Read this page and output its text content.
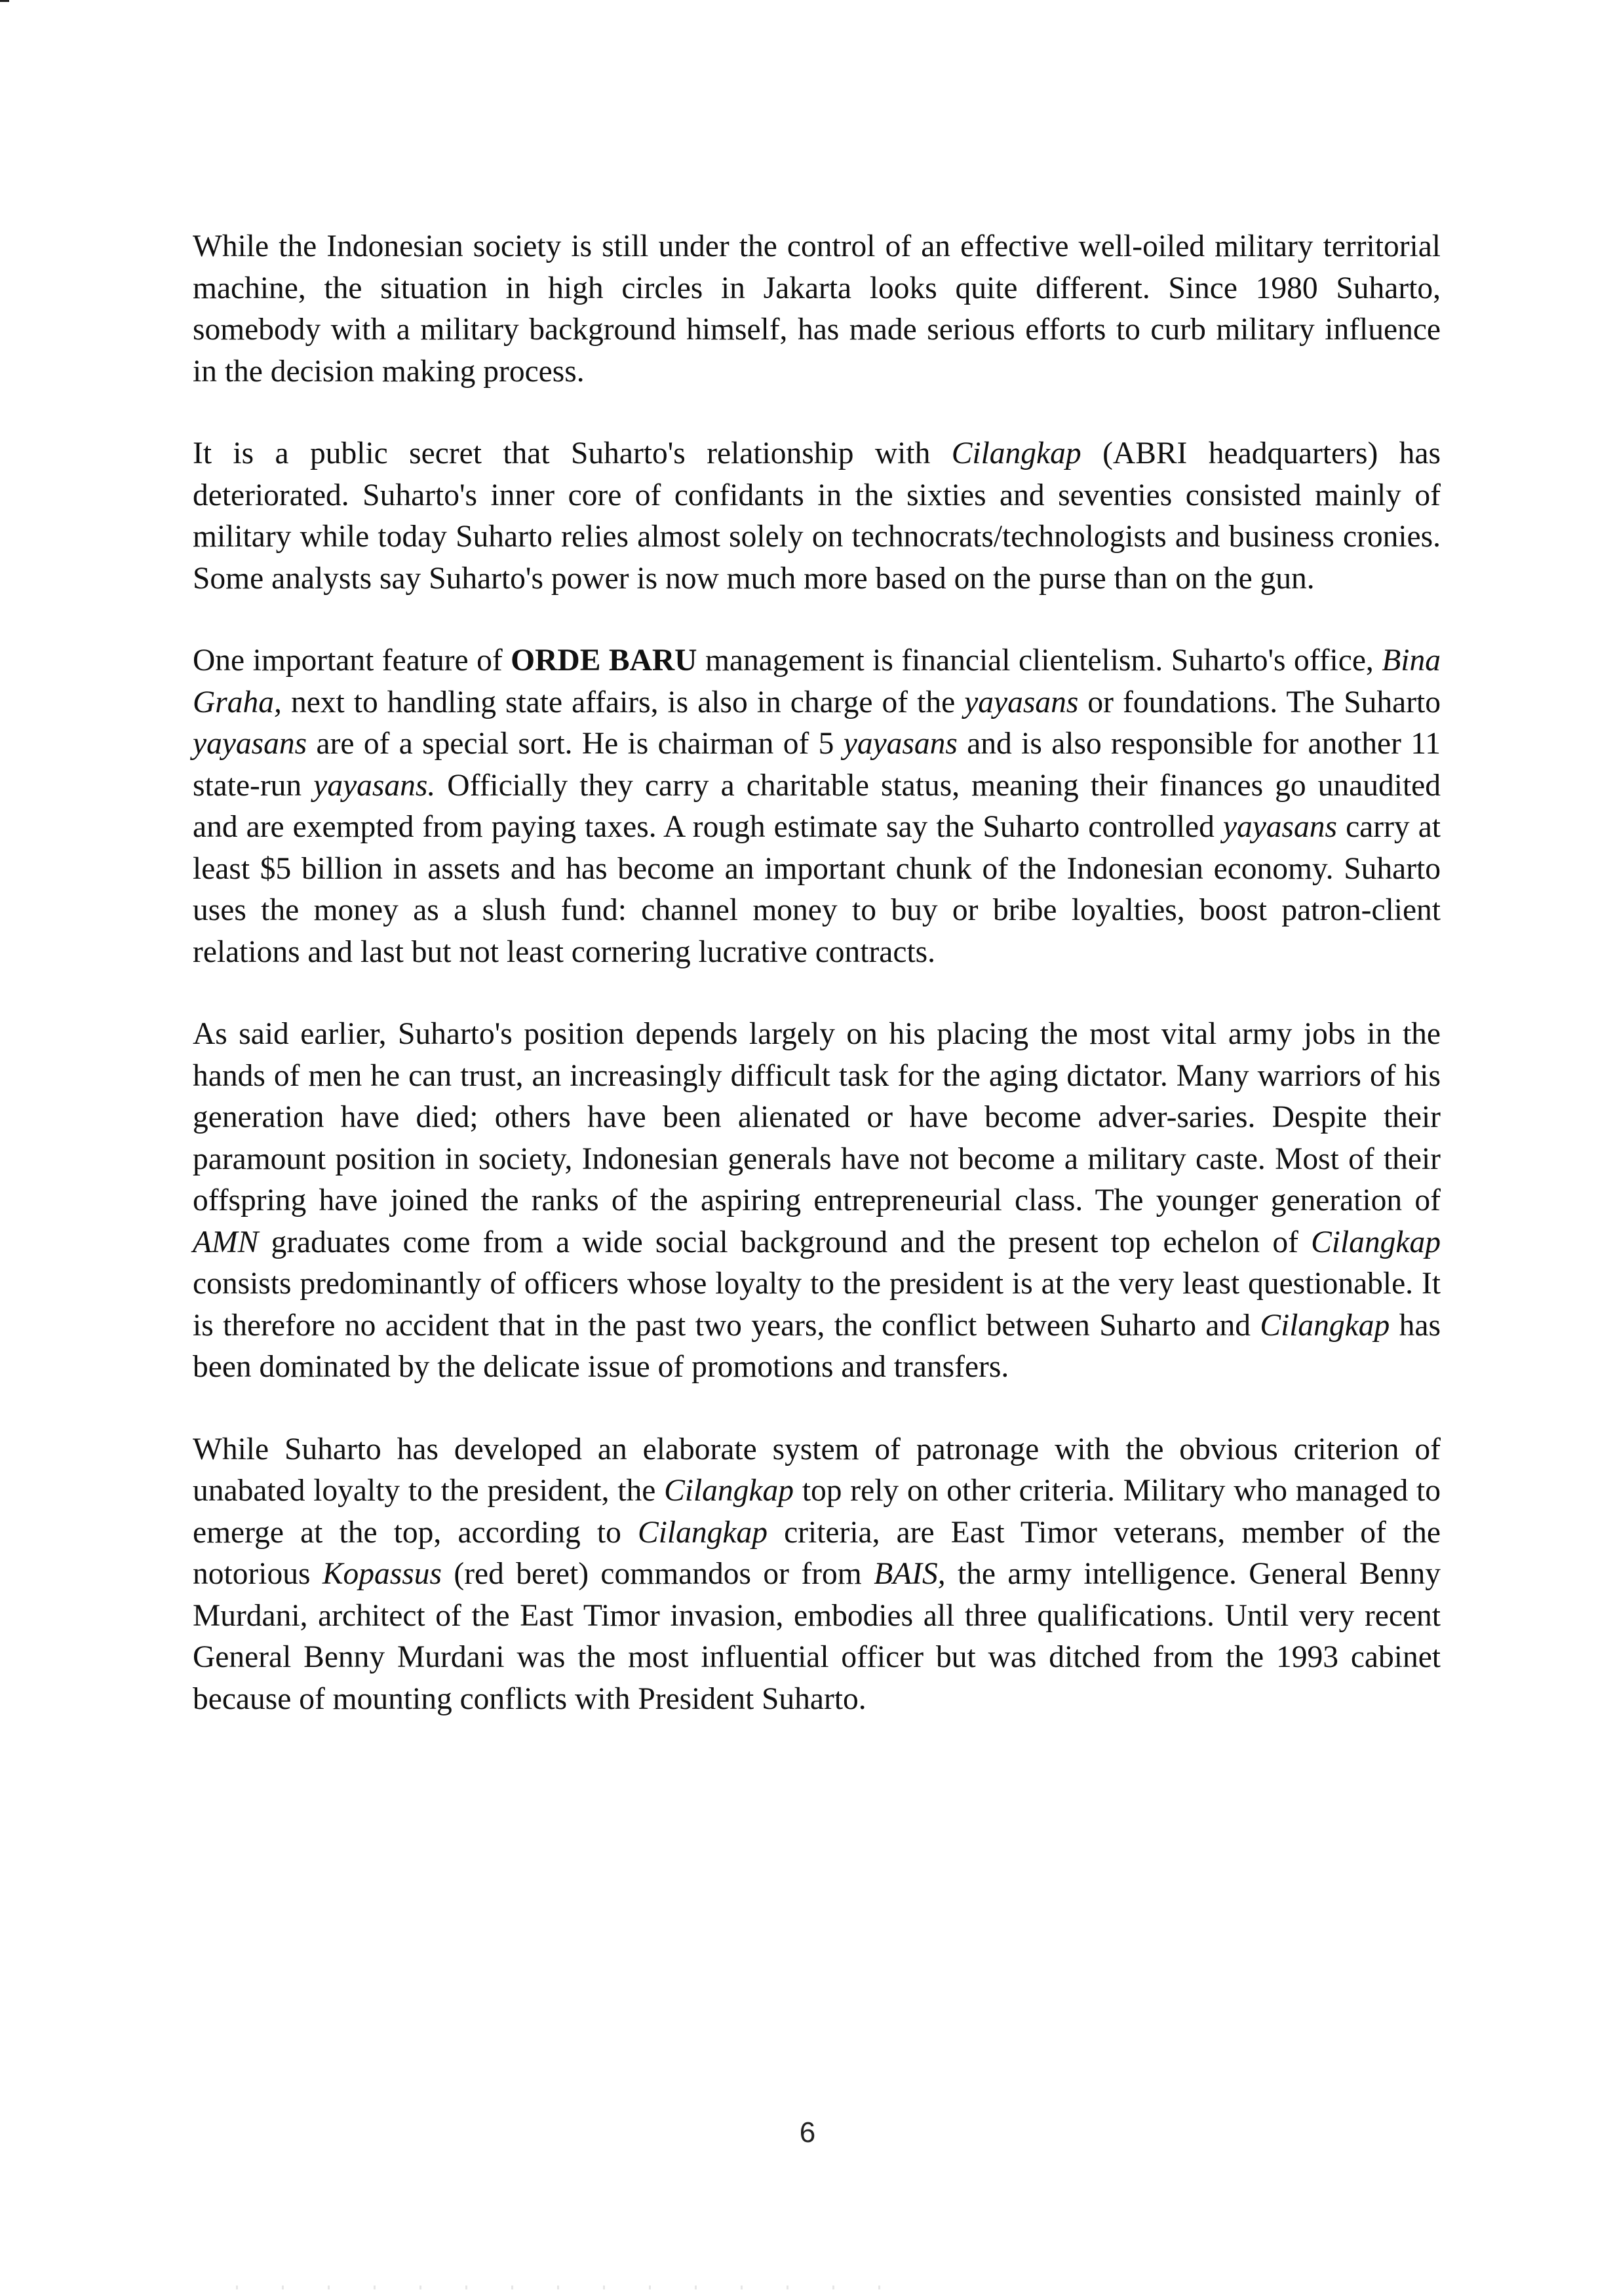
While the Indonesian society is still under the control of an effective well-oiled military territorial machine, the situation in high circles in Jakarta looks quite different. Since 1980 Suharto, somebody with a military background himself, has made serious efforts to curb military influence in the decision making process.

It is a public secret that Suharto's relationship with Cilangkap (ABRI headquarters) has deteriorated. Suharto's inner core of confidants in the sixties and seventies consisted mainly of military while today Suharto relies almost solely on technocrats/technologists and business cronies. Some analysts say Suharto's power is now much more based on the purse than on the gun.

One important feature of ORDE BARU management is financial clientelism. Suharto's office, Bina Graha, next to handling state affairs, is also in charge of the yayasans or foundations. The Suharto yayasans are of a special sort. He is chairman of 5 yayasans and is also responsible for another 11 state-run yayasans. Officially they carry a charitable status, meaning their finances go unaudited and are exempted from paying taxes. A rough estimate say the Suharto controlled yayasans carry at least $5 billion in assets and has become an important chunk of the Indonesian economy. Suharto uses the money as a slush fund: channel money to buy or bribe loyalties, boost patron-client relations and last but not least cornering lucrative contracts.

As said earlier, Suharto's position depends largely on his placing the most vital army jobs in the hands of men he can trust, an increasingly difficult task for the aging dictator. Many warriors of his generation have died; others have been alienated or have become adver-saries. Despite their paramount position in society, Indonesian generals have not become a military caste. Most of their offspring have joined the ranks of the aspiring entrepreneurial class. The younger generation of AMN graduates come from a wide social background and the present top echelon of Cilangkap consists predominantly of officers whose loyalty to the president is at the very least questionable. It is therefore no accident that in the past two years, the conflict between Suharto and Cilangkap has been dominated by the delicate issue of promotions and transfers.

While Suharto has developed an elaborate system of patronage with the obvious criterion of unabated loyalty to the president, the Cilangkap top rely on other criteria. Military who managed to emerge at the top, according to Cilangkap criteria, are East Timor veterans, member of the notorious Kopassus (red beret) commandos or from BAIS, the army intelligence. General Benny Murdani, architect of the East Timor invasion, embodies all three qualifications. Until very recent General Benny Murdani was the most influential officer but was ditched from the 1993 cabinet because of mounting conflicts with President Suharto.

6
